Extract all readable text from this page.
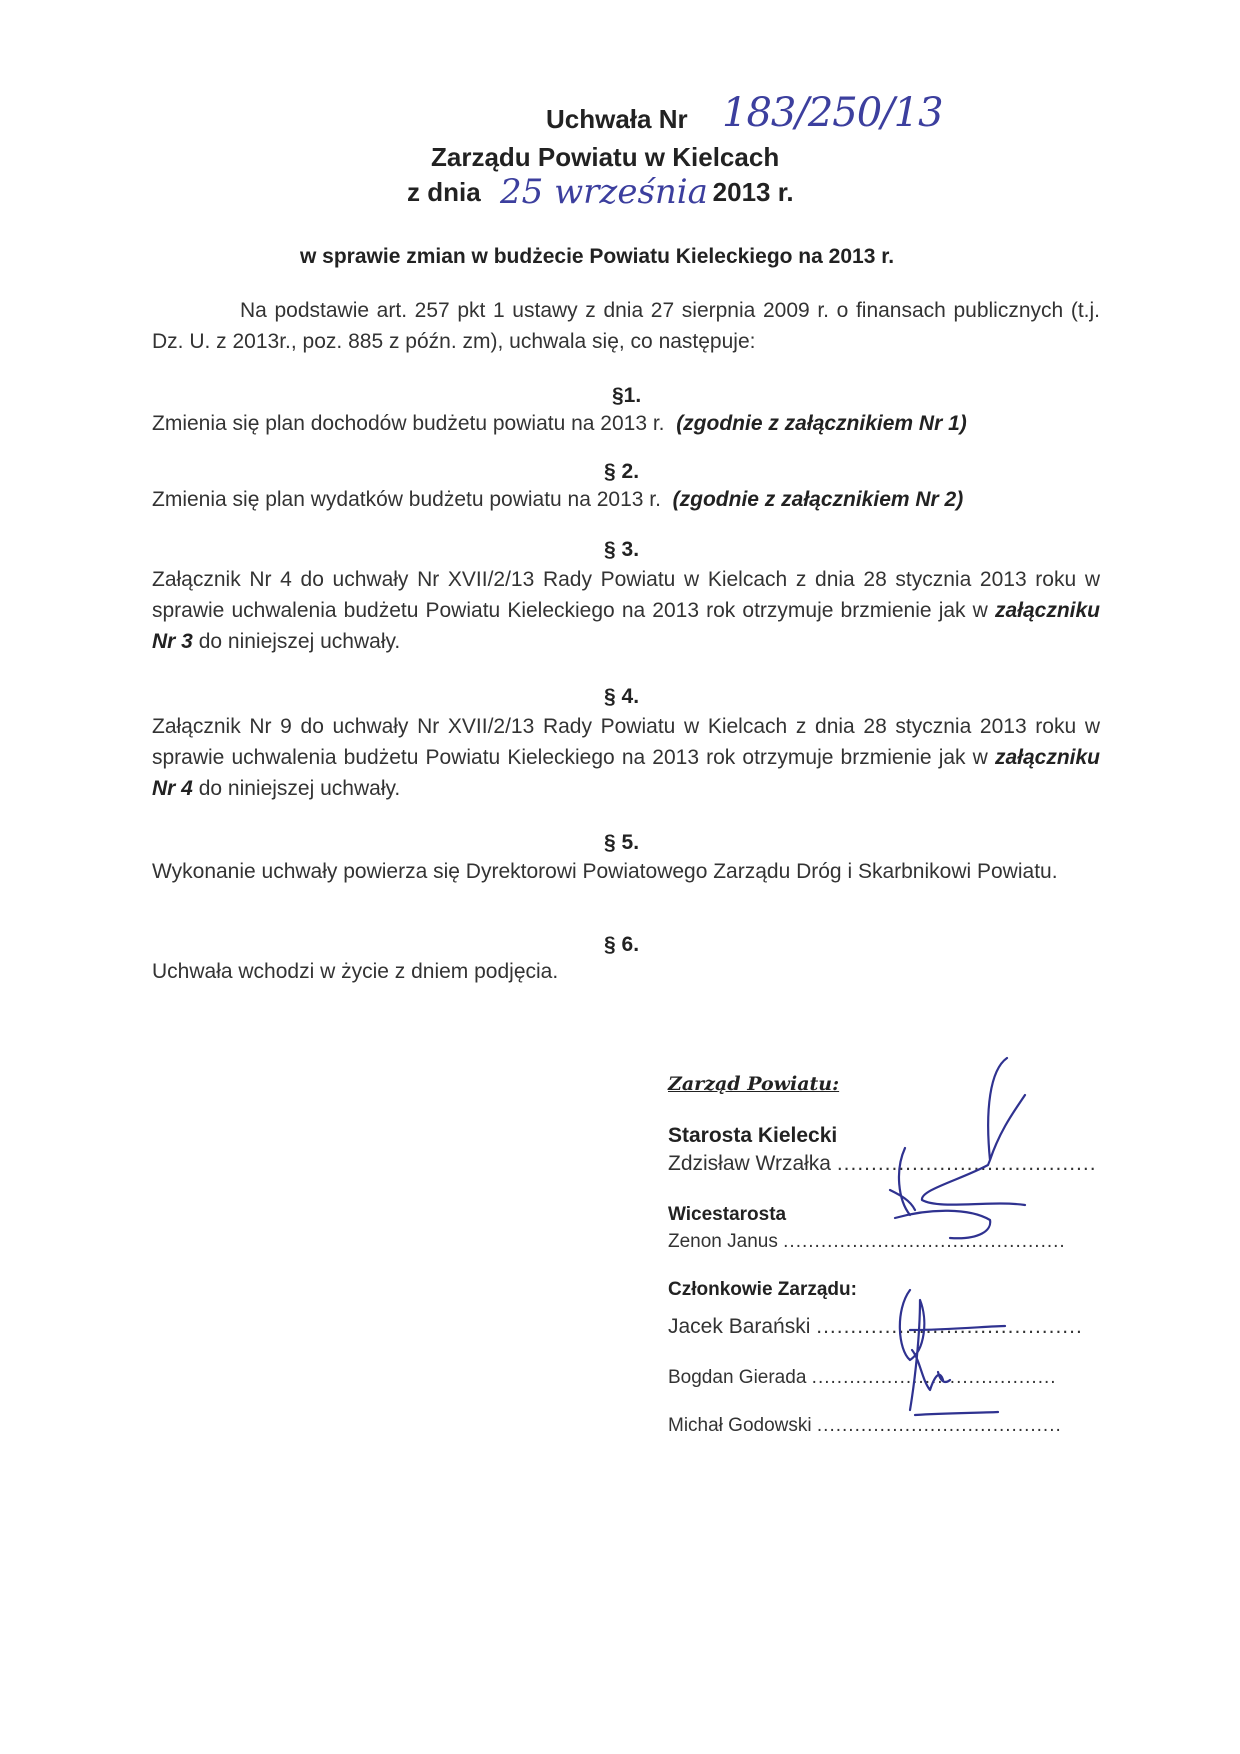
Uchwała Nr 183/250/13
Zarządu Powiatu w Kielcach
z dnia	2013 r.
25 września
w sprawie zmian w budżecie Powiatu Kieleckiego na 2013 r.
Na podstawie art. 257 pkt 1 ustawy z dnia 27 sierpnia 2009 r. o finansach publicznych (t.j. Dz. U. z 2013r., poz. 885 z późn. zm), uchwala się, co następuje:
§1.
Zmienia się plan dochodów budżetu powiatu na 2013 r. (zgodnie z załącznikiem Nr 1)
§ 2.
Zmienia się plan wydatków budżetu powiatu na 2013 r. (zgodnie z załącznikiem Nr 2)
§ 3.
Załącznik Nr 4 do uchwały Nr XVII/2/13 Rady Powiatu w Kielcach z dnia 28 stycznia 2013 roku w sprawie uchwalenia budżetu Powiatu Kieleckiego na 2013 rok otrzymuje brzmienie jak w załączniku Nr 3 do niniejszej uchwały.
§ 4.
Załącznik Nr 9 do uchwały Nr XVII/2/13 Rady Powiatu w Kielcach z dnia 28 stycznia 2013 roku w sprawie uchwalenia budżetu Powiatu Kieleckiego na 2013 rok otrzymuje brzmienie jak w załączniku Nr 4 do niniejszej uchwały.
§ 5.
Wykonanie uchwały powierza się Dyrektorowi Powiatowego Zarządu Dróg i Skarbnikowi Powiatu.
§ 6.
Uchwała wchodzi w życie z dniem podjęcia.
Zarząd Powiatu:
Starosta Kielecki
Zdzisław Wrzałka ......................................
Wicestarosta
Zenon Janus .............................................
Członkowie Zarządu:
Jacek Barański .......................................
Bogdan Gierada .......................................
Michał Godowski .......................................
